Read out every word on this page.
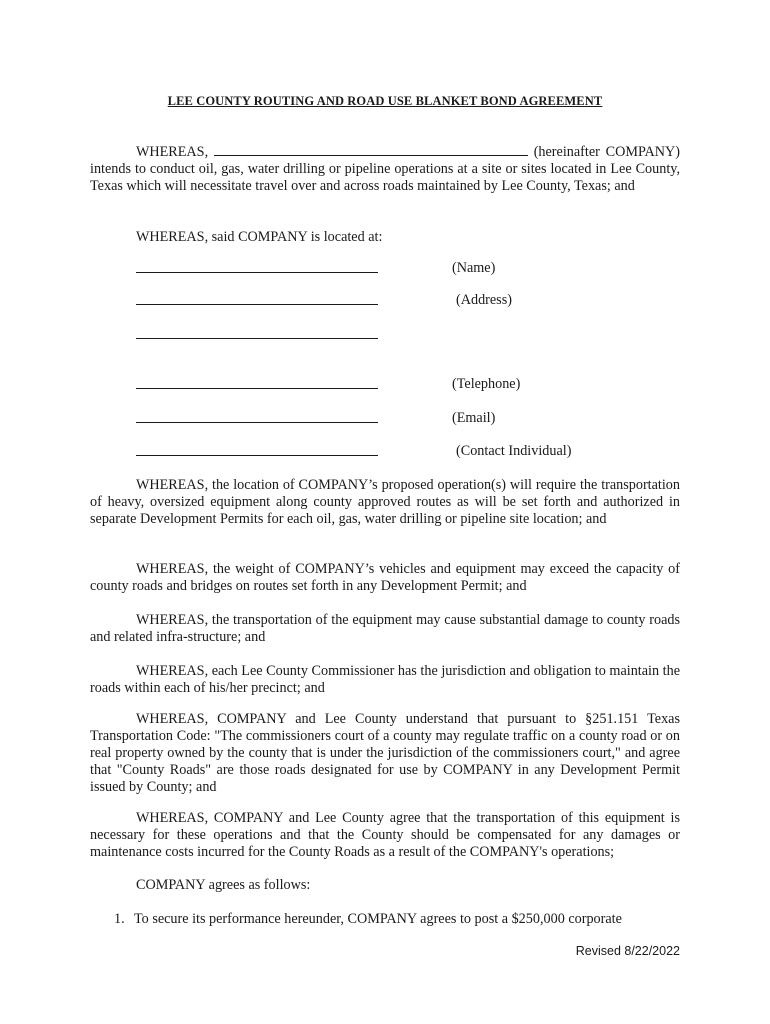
LEE COUNTY ROUTING AND ROAD USE BLANKET BOND AGREEMENT
WHEREAS,	(hereinafter COMPANY) intends to conduct oil, gas, water drilling or pipeline operations at a site or sites located in Lee County, Texas which will necessitate travel over and across roads maintained by Lee County, Texas; and
WHEREAS, said COMPANY is located at:
(Name)
(Address)
(Telephone)
(Email)
(Contact Individual)
WHEREAS, the location of COMPANY’s proposed operation(s) will require the transportation of heavy, oversized equipment along county approved routes as will be set forth and authorized in separate Development Permits for each oil, gas, water drilling or pipeline site location; and
WHEREAS, the weight of COMPANY’s vehicles and equipment may exceed the capacity of county roads and bridges on routes set forth in any Development Permit; and
WHEREAS, the transportation of the equipment may cause substantial damage to county roads and related infra-structure; and
WHEREAS, each Lee County Commissioner has the jurisdiction and obligation to maintain the roads within each of his/her precinct; and
WHEREAS, COMPANY and Lee County understand that pursuant to §251.151 Texas Transportation Code: "The commissioners court of a county may regulate traffic on a county road or on real property owned by the county that is under the jurisdiction of the commissioners court," and agree that "County Roads" are those roads designated for use by COMPANY in any Development Permit issued by County; and
WHEREAS, COMPANY and Lee County agree that the transportation of this equipment is necessary for these operations and that the County should be compensated for any damages or maintenance costs incurred for the County Roads as a result of the COMPANY's operations;
COMPANY agrees as follows:
1. To secure its performance hereunder, COMPANY agrees to post a $250,000 corporate
Revised 8/22/2022
